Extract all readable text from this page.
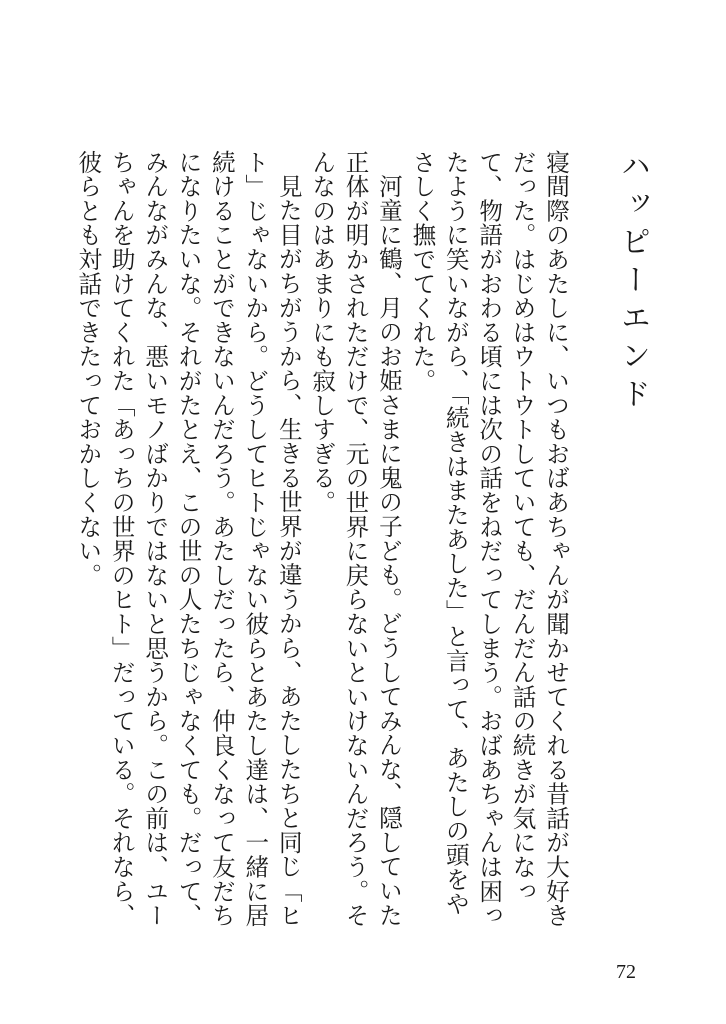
ハッピーエンド

寝間際のあたしに、いつもおばあちゃんが聞かせてくれる昔話が大好きだった。はじめはウトウトしていても、だんだん話の続きが気になって、物語がおわる頃には次の話をねだってしまう。おばあちゃんは困ったように笑いながら、「続きはまたあした」と言って、あたしの頭をやさしく撫でてくれた。

河童に鶴、月のお姫さまに鬼の子ども。どうしてみんな、隠していた正体が明かされただけで、元の世界に戻らないといけないんだろう。そんなのはあまりにも寂しすぎる。

見た目がちがうから、生きる世界が違うから、あたしたちと同じ「ヒト」じゃないから。どうしてヒトじゃない彼らとあたし達は、一緒に居続けることができないんだろう。あたしだったら、仲良くなって友だちになりたいな。それがたとえ、この世の人たちじゃなくても。だって、みんながみんな、悪いモノばかりではないと思うから。この前は、ユーちゃんを助けてくれた「あっちの世界のヒト」だっている。それなら、彼らとも対話できたっておかしくない。

72
